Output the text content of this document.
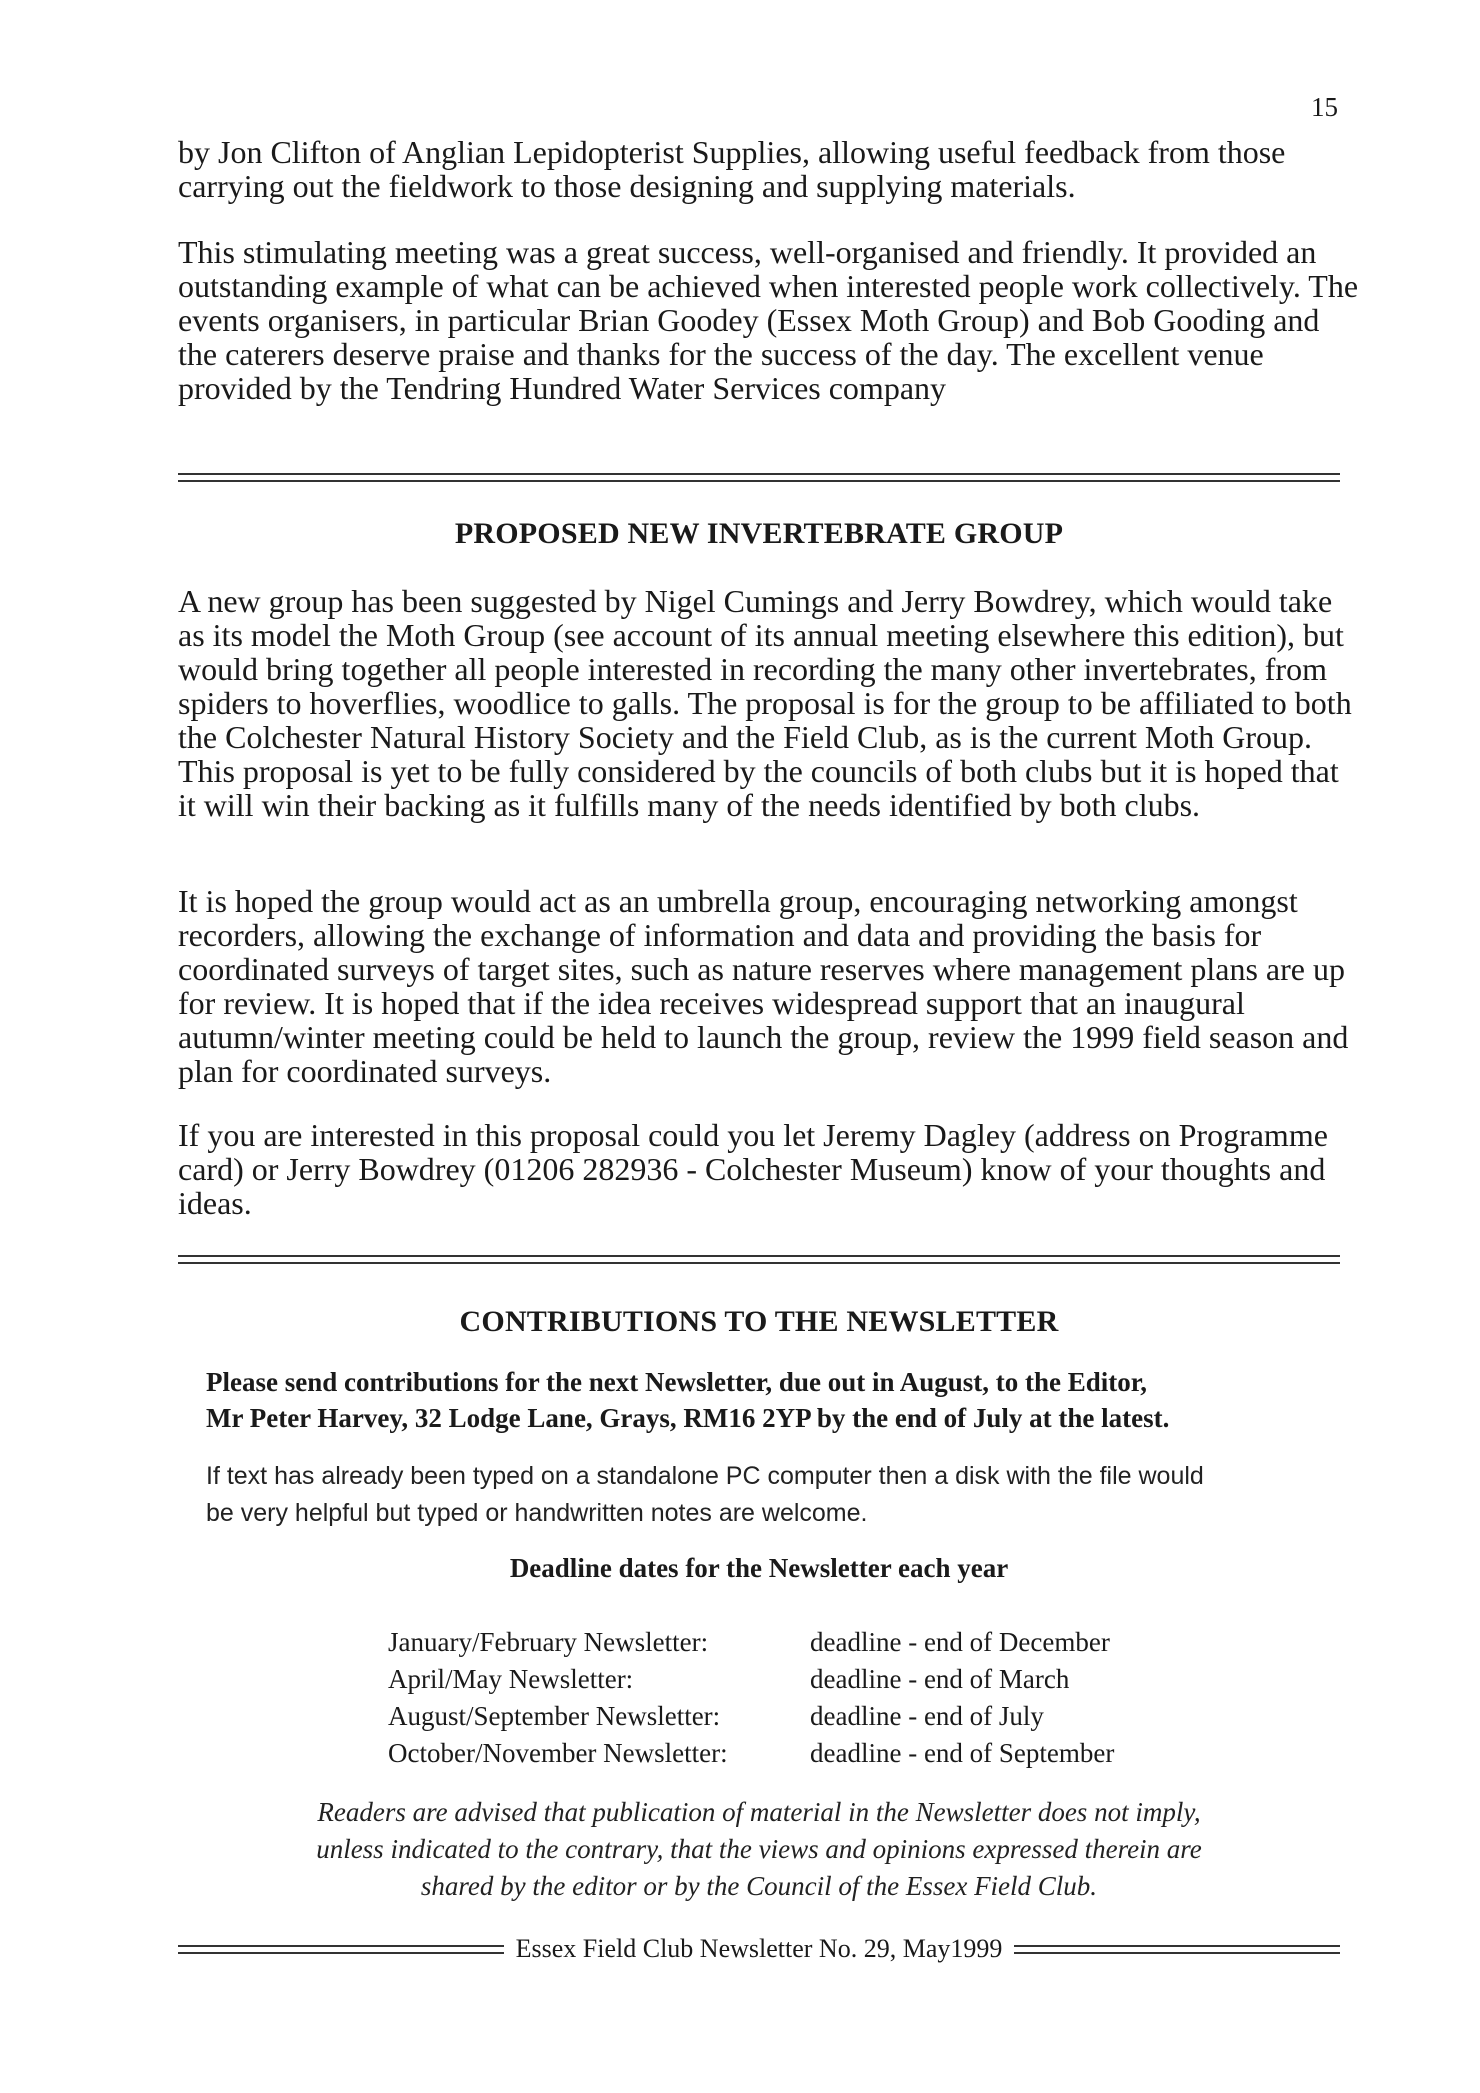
15

by Jon Clifton of Anglian Lepidopterist Supplies, allowing useful feedback from those carrying out the fieldwork to those designing and supplying materials.

This stimulating meeting was a great success, well-organised and friendly. It provided an outstanding example of what can be achieved when interested people work collectively. The events organisers, in particular Brian Goodey (Essex Moth Group) and Bob Gooding and the caterers deserve praise and thanks for the success of the day. The excellent venue provided by the Tendring Hundred Water Services company

PROPOSED NEW INVERTEBRATE GROUP

A new group has been suggested by Nigel Cumings and Jerry Bowdrey, which would take as its model the Moth Group (see account of its annual meeting elsewhere this edition), but would bring together all people interested in recording the many other invertebrates, from spiders to hoverflies, woodlice to galls. The proposal is for the group to be affiliated to both the Colchester Natural History Society and the Field Club, as is the current Moth Group. This proposal is yet to be fully considered by the councils of both clubs but it is hoped that it will win their backing as it fulfills many of the needs identified by both clubs.

It is hoped the group would act as an umbrella group, encouraging networking amongst recorders, allowing the exchange of information and data and providing the basis for coordinated surveys of target sites, such as nature reserves where management plans are up for review. It is hoped that if the idea receives widespread support that an inaugural autumn/winter meeting could be held to launch the group, review the 1999 field season and plan for coordinated surveys.

If you are interested in this proposal could you let Jeremy Dagley (address on Programme card) or Jerry Bowdrey (01206 282936 - Colchester Museum) know of your thoughts and ideas.

CONTRIBUTIONS TO THE NEWSLETTER
Please send contributions for the next Newsletter, due out in August, to the Editor,
Mr Peter Harvey, 32 Lodge Lane, Grays, RM16 2YP by the end of July at the latest.
If text has already been typed on a standalone PC computer then a disk with the file would
be very helpful but typed or handwritten notes are welcome.
Deadline dates for the Newsletter each year
January/February Newsletter:	deadline - end of December
April/May Newsletter:	deadline - end of March
August/September Newsletter:	deadline - end of July
October/November Newsletter:	deadline - end of September
Readers are advised that publication of material in the Newsletter does not imply,
unless indicated to the contrary, that the views and opinions expressed therein are
shared by the editor or by the Council of the Essex Field Club.
Essex Field Club Newsletter No. 29, May1999
